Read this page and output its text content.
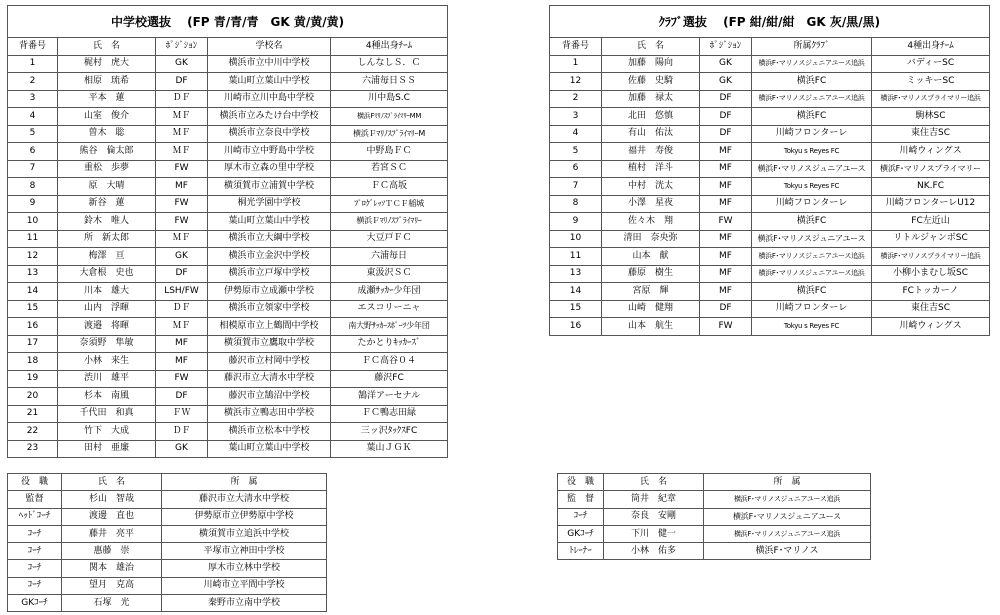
中学校選抜　 (FP 青/青/青　GK 黄/黄/黄)				
背番号	氏　名	ﾎﾟｼﾞｼｮﾝ	学校名	4種出身ﾁｰﾑ
1	梶村　虎大	GK	横浜市立中川中学校	しんなしＳ．Ｃ
2	相原　琉希	DF	葉山町立葉山中学校	六浦毎日ＳＳ
3	平本　蓮	ＤＦ	川崎市立川中島中学校	川中島S.C
4	山室　俊介	ＭＦ	横浜市立みたけ台中学校	横浜FﾏﾘﾉｽﾌﾟﾗｲﾏﾘｰMM
5	曽木　聡	ＭＦ	横浜市立奈良中学校	横浜ＦﾏﾘﾉｽﾌﾟﾗｲﾏﾘｰМ
6	熊谷　倫太郎	ＭＦ	川崎市立中野島中学校	中野島ＦＣ
7	重松　歩夢	FW	厚木市立森の里中学校	若宮ＳＣ
8	原　大晴	MF	横須賀市立浦賀中学校	ＦＣ高坂
9	新谷　蓮	FW	桐光学園中学校	ﾌﾟﾛｸﾞﾚｯｿＴＣＦ稲城
10	鈴木　唯人	FW	葉山町立葉山中学校	横浜Ｆﾏﾘﾉｽﾌﾟﾗｲﾏﾘｰ
11	所　新太郎	ＭＦ	横浜市立大綱中学校	大豆戸ＦＣ
12	梅澤　亘	GK	横浜市立金沢中学校	六浦毎日
13	大倉根　史也	DF	横浜市立戸塚中学校	東汲沢ＳＣ
14	川本　雄大	LSH/FW	伊勢原市立成瀬中学校	成瀬ｻｯｶｰ少年団
15	山内　浮暉	ＤＦ	横浜市立領家中学校	エスコリーニャ
16	渡邉　将暉	ＭＦ	相模原市立上鶴間中学校	南大野ｻｯｶｰｽﾎﾟｰﾂ少年団
17	奈須野　隼敏	MF	横須賀市立鷹取中学校	たかとりｷｯｶｰｽﾞ
18	小林　来生	MF	藤沢市立村岡中学校	ＦＣ高谷０４
19	渋川　雄平	FW	藤沢市立大清水中学校	藤沢FC
20	杉本　南風	DF	藤沢市立鵠沼中学校	鵠洋アーセナル
21	千代田　和真	ＦＷ	横浜市立鴨志田中学校	ＦＣ鴨志田緑
22	竹下　大成	ＤＦ	横浜市立松本中学校	三ッ沢ﾀｯｸｽFC
23	田村　亜廉	GK	葉山町立葉山中学校	葉山ＪＧＫ
ｸﾗﾌﾞ選抜　 (FP 紺/紺/紺　GK 灰/黒/黒)				
背番号	氏　名	ﾎﾟｼﾞｼｮﾝ	所属ｸﾗﾌﾞ	4種出身ﾁｰﾑ
1	加藤　陽向	GK	横浜F･マリノスジュニアユース追浜	バディーSC
12	佐藤　史騎	GK	横浜FC	ミッキーSC
2	加藤　禄太	DF	横浜F･マリノスジュニアユース追浜	横浜F･マリノスプライマリー追浜
3	北田　悠慎	DF	横浜FC	駒林SC
4	有山　佑汰	DF	川崎フロンターレ	東住吉SC
5	福井　寿俊	MF	Tokyu s Reyes FC	川崎ウィングス
6	植村　洋斗	MF	横浜F･マリノスジュニアユース	横浜F･マリノスプライマリー
7	中村　洸太	MF	Tokyu s Reyes FC	NK.FC
8	小澤　星夜	MF	川崎フロンターレ	川崎フロンターレU12
9	佐々木　翔	FW	横浜FC	FC左近山
10	清田　奈央弥	MF	横浜F･マリノスジュニアユース	リトルジャンボSC
11	山本　献	MF	横浜F･マリノスジュニアユース追浜	横浜F･マリノスプライマリー追浜
13	藤原　樹生	MF	横浜F･マリノスジュニアユース追浜	小柳小まむし坂SC
14	宮原　輝	MF	横浜FC	FCトッカーノ
15	山崎　健翔	DF	川崎フロンターレ	東住吉SC
16	山本　航生	FW	Tokyu s Reyes FC	川崎ウィングス
役　職	氏　名	所　属
監督	杉山　智哉	藤沢市立大清水中学校
ﾍｯﾄﾞｺｰﾁ	渡邊　直也	伊勢原市立伊勢原中学校
ｺｰﾁ	藤井　亮平	横須賀市立追浜中学校
ｺｰﾁ	惠藤　崇	平塚市立神田中学校
ｺｰﾁ	関本　雄治	厚木市立林中学校
ｺｰﾁ	望月　克高	川崎市立平間中学校
GKｺｰﾁ	石塚　光	秦野市立南中学校
役　職	氏　名	所　属
監　督	筒井　紀章	横浜F･マリノスジュニアユース追浜
ｺｰﾁ	奈良　安剛	横浜F･マリノスジュニアユース
GKｺｰﾁ	下川　健一	横浜F･マリノスジュニアユース追浜
ﾄﾚｰﾅｰ	小林　佑多	横浜F･マリノス
